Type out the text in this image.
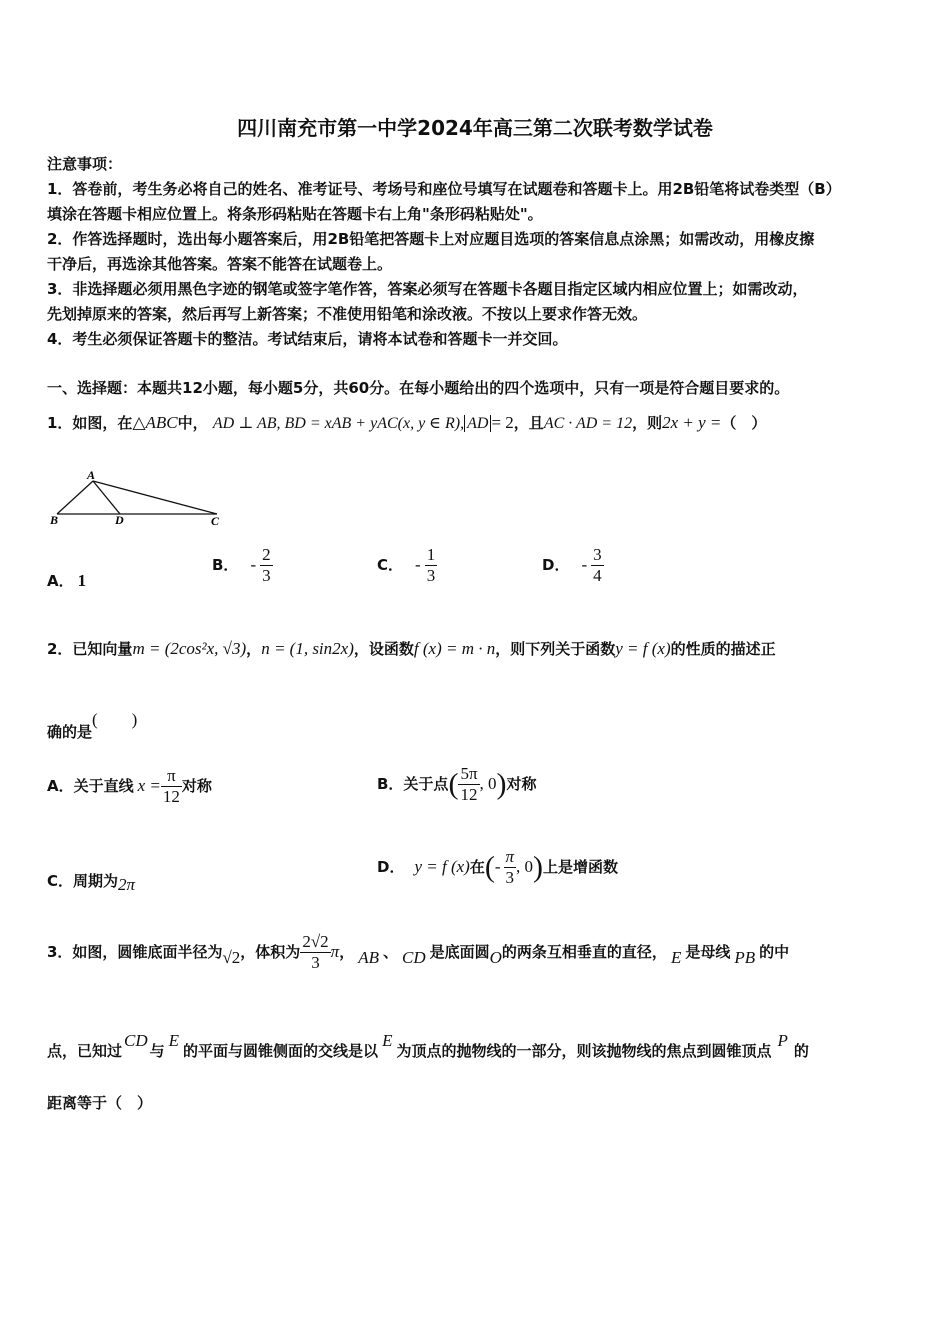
四川南充市第一中学2024年高三第二次联考数学试卷
注意事项：
1．答卷前，考生务必将自己的姓名、准考证号、考场号和座位号填写在试题卷和答题卡上。用2B铅笔将试卷类型（B）
填涂在答题卡相应位置上。将条形码粘贴在答题卡右上角"条形码粘贴处"。
2．作答选择题时，选出每小题答案后，用2B铅笔把答题卡上对应题目选项的答案信息点涂黑；如需改动，用橡皮擦
干净后，再选涂其他答案。答案不能答在试题卷上。
3．非选择题必须用黑色字迹的钢笔或签字笔作答，答案必须写在答题卡各题目指定区域内相应位置上；如需改动，
先划掉原来的答案，然后再写上新答案；不准使用铅笔和涂改液。不按以上要求作答无效。
4．考生必须保证答题卡的整洁。考试结束后，请将本试卷和答题卡一并交回。
一、选择题：本题共12小题，每小题5分，共60分。在每小题给出的四个选项中，只有一项是符合题目要求的。
1．如图，在△ABC中， AD ⊥ AB, BD = xAB + yAC(x, y ∈ R), AD = 2，且AC · AD = 12，则2x + y =（　）
A
B	D	C
A． 1
B． - $\frac{2}{3}$	C． - $\frac{1}{3}$	D． - $\frac{3}{4}$
2．已知向量m = (2cos²x, √3)，n = (1, sin2x)，设函数f (x) = m · n，则下列关于函数y = f (x)的性质的描述正
确的是(　　)
A．关于直线 $x = \frac{\pi}{12}$ 对称	B．关于点( $\frac{5\pi}{12}$ , 0)对称
C．周期为2π
D． y = f (x)在(- $\frac{\pi}{3}$ , 0)上是增函数
3．如图，圆锥底面半径为√2，体积为 $\frac{2√2}{3}$ π， AB 、 CD 是底面圆O的两条互相垂直的直径， E 是母线 PB 的中
点，已知过CD与E的平面与圆锥侧面的交线是以E为顶点的抛物线的一部分，则该抛物线的焦点到圆锥顶点P的
距离等于（　）
